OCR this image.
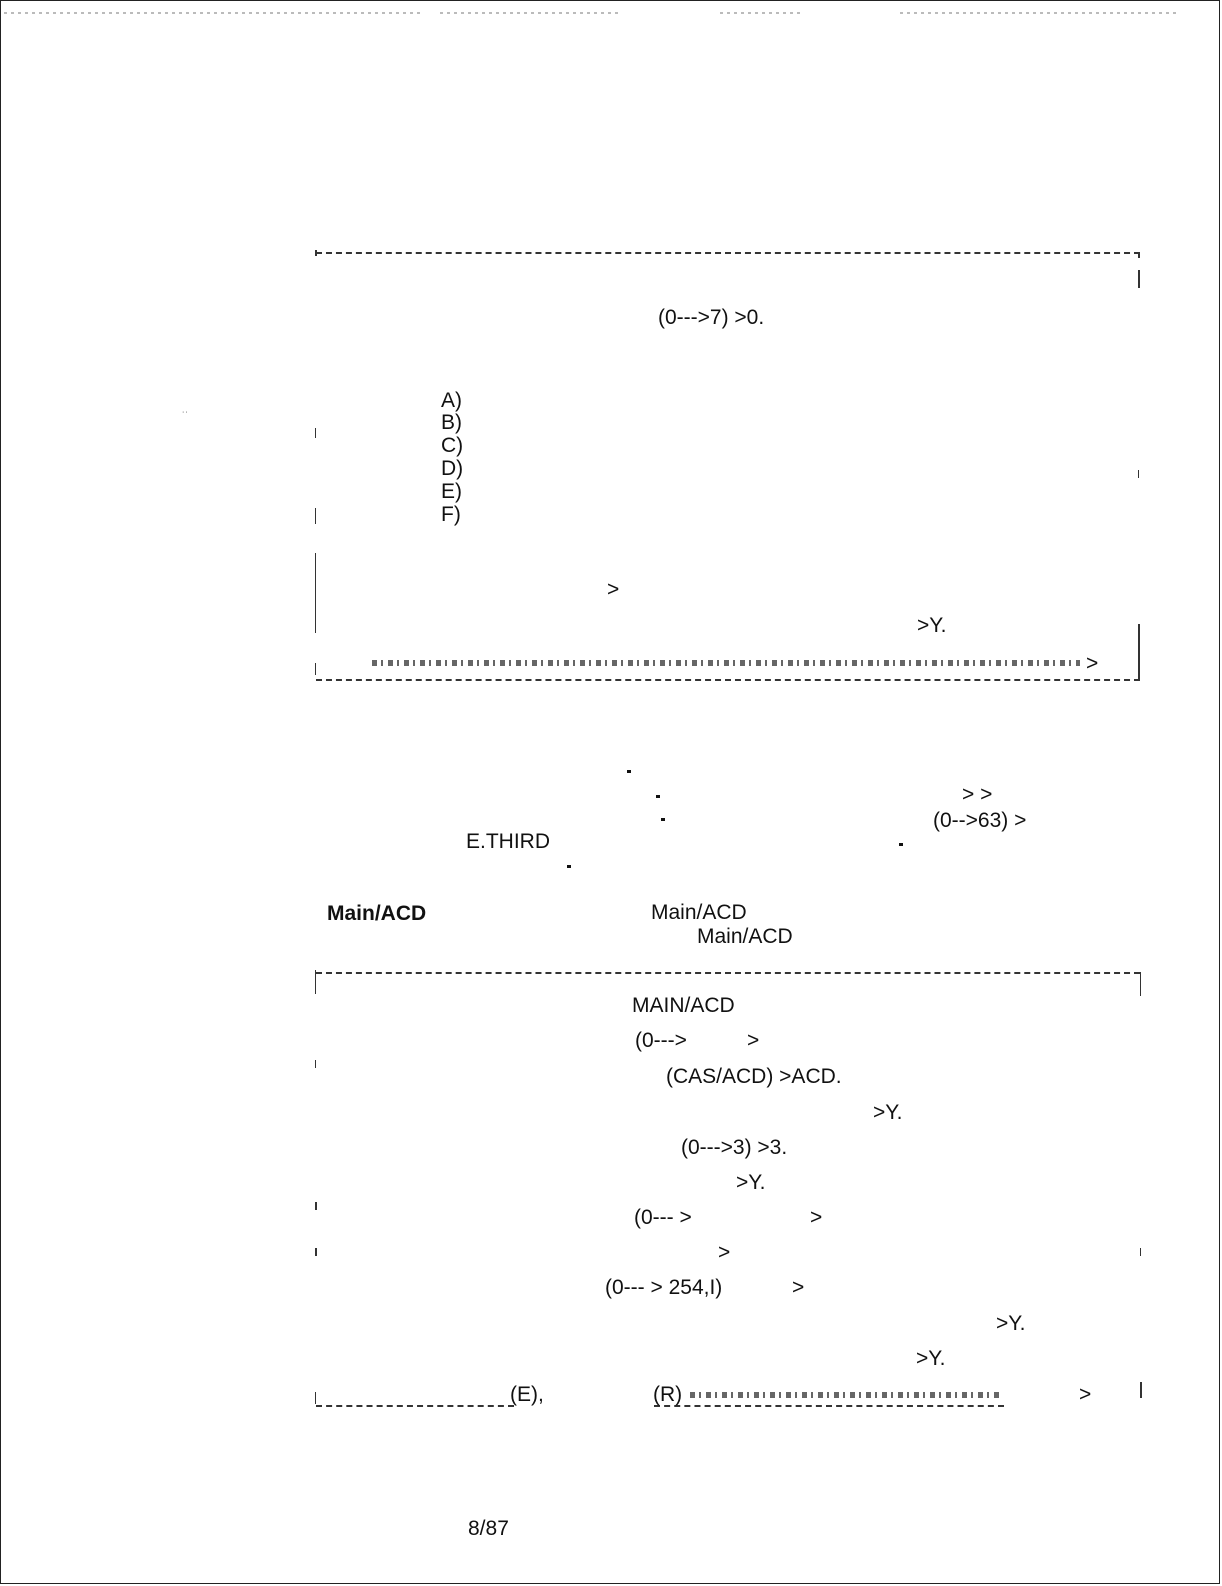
(0--->7) >0.
A)
B)
C)
D)
E)
F)
>
>Y.
>
˙˙
> >
(0-->63) >
E.THIRD
Main/ACD	Main/ACD
Main/ACD
MAIN/ACD
(0--->	>
(CAS/ACD) >ACD.
>Y.
(0--->3) >3.
>Y.
(0--- >	>
>
(0--- > 254,I)	>
>Y.
>Y.
(E),	(R)	>
8/87
